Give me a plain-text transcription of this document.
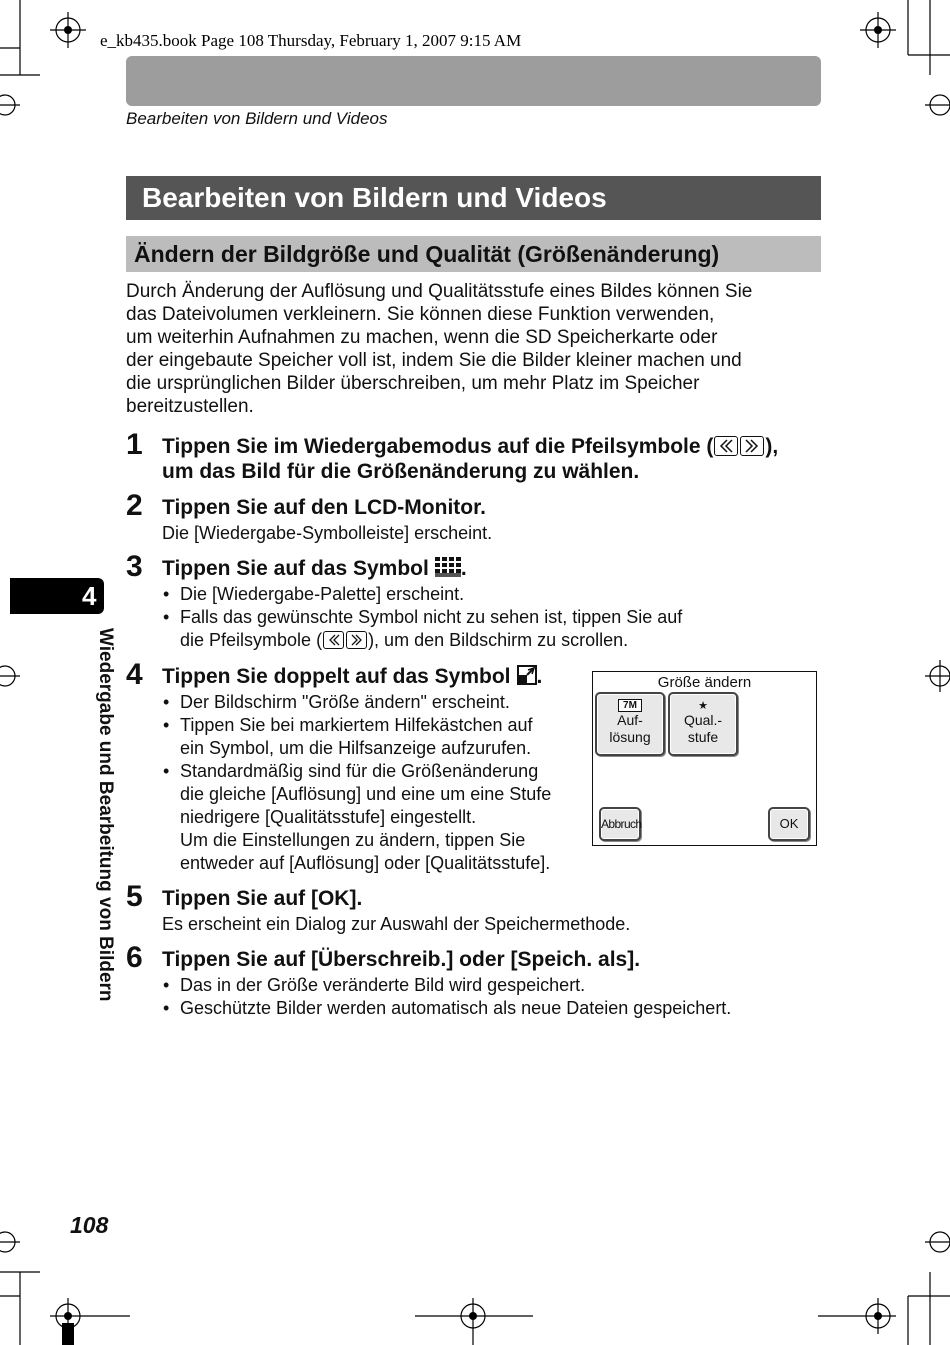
e_kb435.book Page 108 Thursday, February 1, 2007 9:15 AM
Bearbeiten von Bildern und Videos
Bearbeiten von Bildern und Videos
Ändern der Bildgröße und Qualität (Größenänderung)
Durch Änderung der Auflösung und Qualitätsstufe eines Bildes können Sie
das Dateivolumen verkleinern. Sie können diese Funktion verwenden,
um weiterhin Aufnahmen zu machen, wenn die SD Speicherkarte oder
der eingebaute Speicher voll ist, indem Sie die Bilder kleiner machen und
die ursprünglichen Bilder überschreiben, um mehr Platz im Speicher
bereitzustellen.
1 Tippen Sie im Wiedergabemodus auf die Pfeilsymbole ( ),
um das Bild für die Größenänderung zu wählen.
2 Tippen Sie auf den LCD-Monitor.
Die [Wiedergabe-Symbolleiste] erscheint.
3 Tippen Sie auf das Symbol .
• Die [Wiedergabe-Palette] erscheint.
• Falls das gewünschte Symbol nicht zu sehen ist, tippen Sie auf
die Pfeilsymbole (	), um den Bildschirm zu scrollen.
4 Tippen Sie doppelt auf das Symbol .
• Der Bildschirm "Größe ändern" erscheint.
• Tippen Sie bei markiertem Hilfekästchen auf
ein Symbol, um die Hilfsanzeige aufzurufen.
• Standardmäßig sind für die Größenänderung
die gleiche [Auflösung] und eine um eine Stufe
niedrigere [Qualitätsstufe] eingestellt.
Um die Einstellungen zu ändern, tippen Sie
entweder auf [Auflösung] oder [Qualitätsstufe].
Größe ändern
7M
Auf-
lösung
★
Qual.-
stufe
Abbruch	OK
5 Tippen Sie auf [OK].
Es erscheint ein Dialog zur Auswahl der Speichermethode.
6 Tippen Sie auf [Überschreib.] oder [Speich. als].
• Das in der Größe veränderte Bild wird gespeichert.
• Geschützte Bilder werden automatisch als neue Dateien gespeichert.
4
Wiedergabe und Bearbeitung von Bildern
108
